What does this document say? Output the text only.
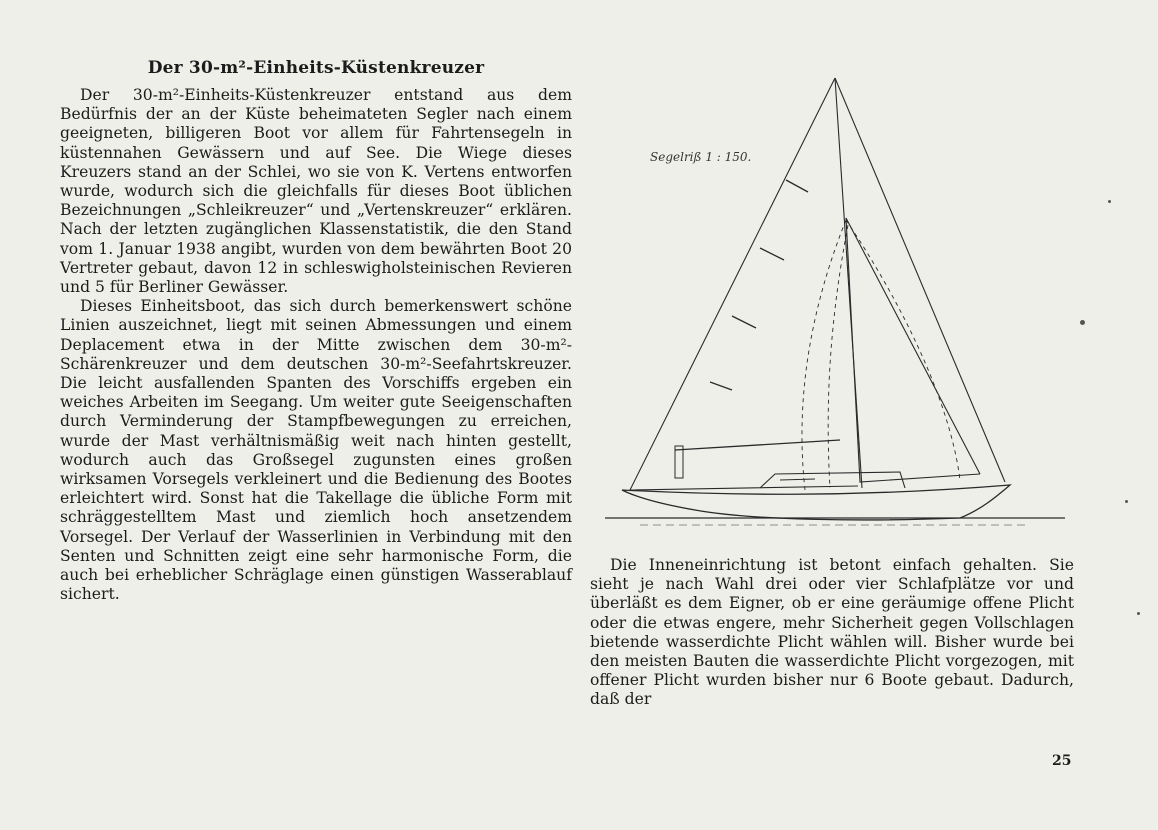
Der 30-m²-Einheits-Küstenkreuzer

Der 30-m²-Einheits-Küstenkreuzer entstand aus dem Bedürfnis der an der Küste beheimateten Segler nach einem geeigneten, billigeren Boot vor allem für Fahrtensegeln in küstennahen Gewässern und auf See. Die Wiege dieses Kreuzers stand an der Schlei, wo sie von K. Vertens entworfen wurde, wodurch sich die gleichfalls für dieses Boot üblichen Bezeichnungen „Schleikreuzer“ und „Vertenskreuzer“ erklären. Nach der letzten zugänglichen Klassenstatistik, die den Stand vom 1. Januar 1938 angibt, wurden von dem bewährten Boot 20 Vertreter gebaut, davon 12 in schleswigholsteinischen Revieren und 5 für Berliner Gewässer.

Dieses Einheitsboot, das sich durch bemerkenswert schöne Linien auszeichnet, liegt mit seinen Abmessungen und einem Deplacement etwa in der Mitte zwischen dem 30-m²-Schärenkreuzer und dem deutschen 30-m²-Seefahrtskreuzer. Die leicht ausfallenden Spanten des Vorschiffs ergeben ein weiches Arbeiten im Seegang. Um weiter gute Seeigenschaften durch Verminderung der Stampfbewegungen zu erreichen, wurde der Mast verhältnismäßig weit nach hinten gestellt, wodurch auch das Großsegel zugunsten eines großen wirksamen Vorsegels verkleinert und die Bedienung des Bootes erleichtert wird. Sonst hat die Takellage die übliche Form mit schräggestelltem Mast und ziemlich hoch ansetzendem Vorsegel. Der Verlauf der Wasserlinien in Verbindung mit den Senten und Schnitten zeigt eine sehr harmonische Form, die auch bei erheblicher Schräglage einen günstigen Wasserablauf sichert.

Segelriß 1 : 150.

Die Inneneinrichtung ist betont einfach gehalten. Sie sieht je nach Wahl drei oder vier Schlafplätze vor und überläßt es dem Eigner, ob er eine geräumige offene Plicht oder die etwas engere, mehr Sicherheit gegen Vollschlagen bietende wasserdichte Plicht wählen will. Bisher wurde bei den meisten Bauten die wasserdichte Plicht vorgezogen, mit offener Plicht wurden bisher nur 6 Boote gebaut. Dadurch, daß der

25
